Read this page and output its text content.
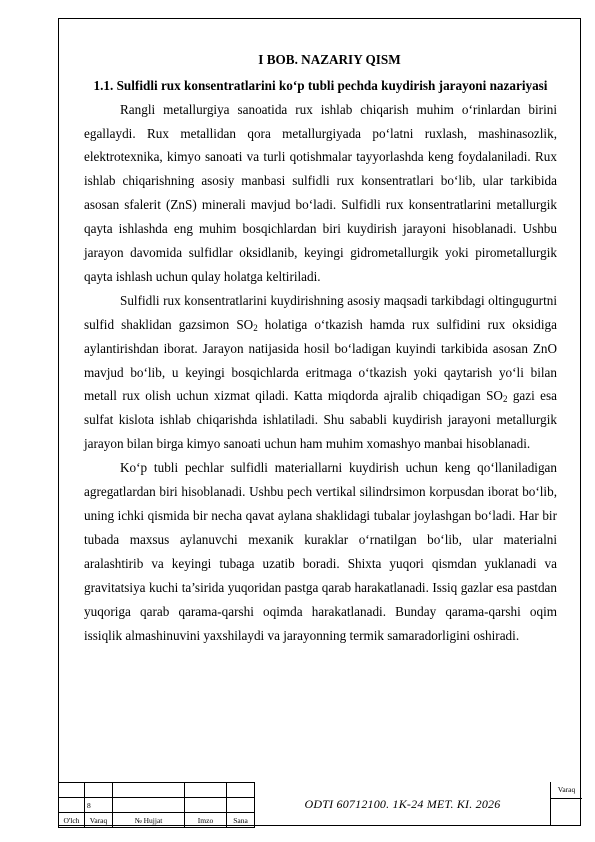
I BOB. NAZARIY QISM
1.1. Sulfidli rux konsentratlarini ko‘p tubli pechda kuydirish jarayoni nazariyasi

Rangli metallurgiya sanoatida rux ishlab chiqarish muhim o‘rinlardan birini egallaydi. Rux metallidan qora metallurgiyada po‘latni ruxlash, mashinasozlik, elektrotexnika, kimyo sanoati va turli qotishmalar tayyorlashda keng foydalaniladi. Rux ishlab chiqarishning asosiy manbasi sulfidli rux konsentratlari bo‘lib, ular tarkibida asosan sfalerit (ZnS) minerali mavjud bo‘ladi. Sulfidli rux konsentratlarini metallurgik qayta ishlashda eng muhim bosqichlardan biri kuydirish jarayoni hisoblanadi. Ushbu jarayon davomida sulfidlar oksidlanib, keyingi gidrometallurgik yoki pirometallurgik qayta ishlash uchun qulay holatga keltiriladi.

Sulfidli rux konsentratlarini kuydirishning asosiy maqsadi tarkibdagi oltingugurtni sulfid shaklidan gazsimon $SO_2$ holatiga o‘tkazish hamda rux sulfidini rux oksidiga aylantirishdan iborat. Jarayon natijasida hosil bo‘ladigan kuyindi tarkibida asosan ZnO mavjud bo‘lib, u keyingi bosqichlarda eritmaga o‘tkazish yoki qaytarish yo‘li bilan metall rux olish uchun xizmat qiladi. Katta miqdorda ajralib chiqadigan $SO_2$ gazi esa sulfat kislota ishlab chiqarishda ishlatiladi. Shu sababli kuydirish jarayoni metallurgik jarayon bilan birga kimyo sanoati uchun ham muhim xomashyo manbai hisoblanadi.

Ko‘p tubli pechlar sulfidli materiallarni kuydirish uchun keng qo‘llaniladigan agregatlardan biri hisoblanadi. Ushbu pech vertikal silindrsimon korpusdan iborat bo‘lib, uning ichki qismida bir necha qavat aylana shaklidagi tubalar joylashgan bo‘ladi. Har bir tubada maxsus aylanuvchi mexanik kuraklar o‘rnatilgan bo‘lib, ular materialni aralashtirib va keyingi tubaga uzatib boradi. Shixta yuqori qismdan yuklanadi va gravitatsiya kuchi ta’sirida yuqoridan pastga qarab harakatlanadi. Issiq gazlar esa pastdan yuqoriga qarab qarama-qarshi oqimda harakatlanadi. Bunday qarama-qarshi oqim issiqlik almashinuvini yaxshilaydi va jarayonning termik samaradorligini oshiradi.

	8			
O'lch	Varaq	№ Hujjat	Imzo	Sana
ODTI 60712100. 1K-24 MET. KI. 2026
Varaq
